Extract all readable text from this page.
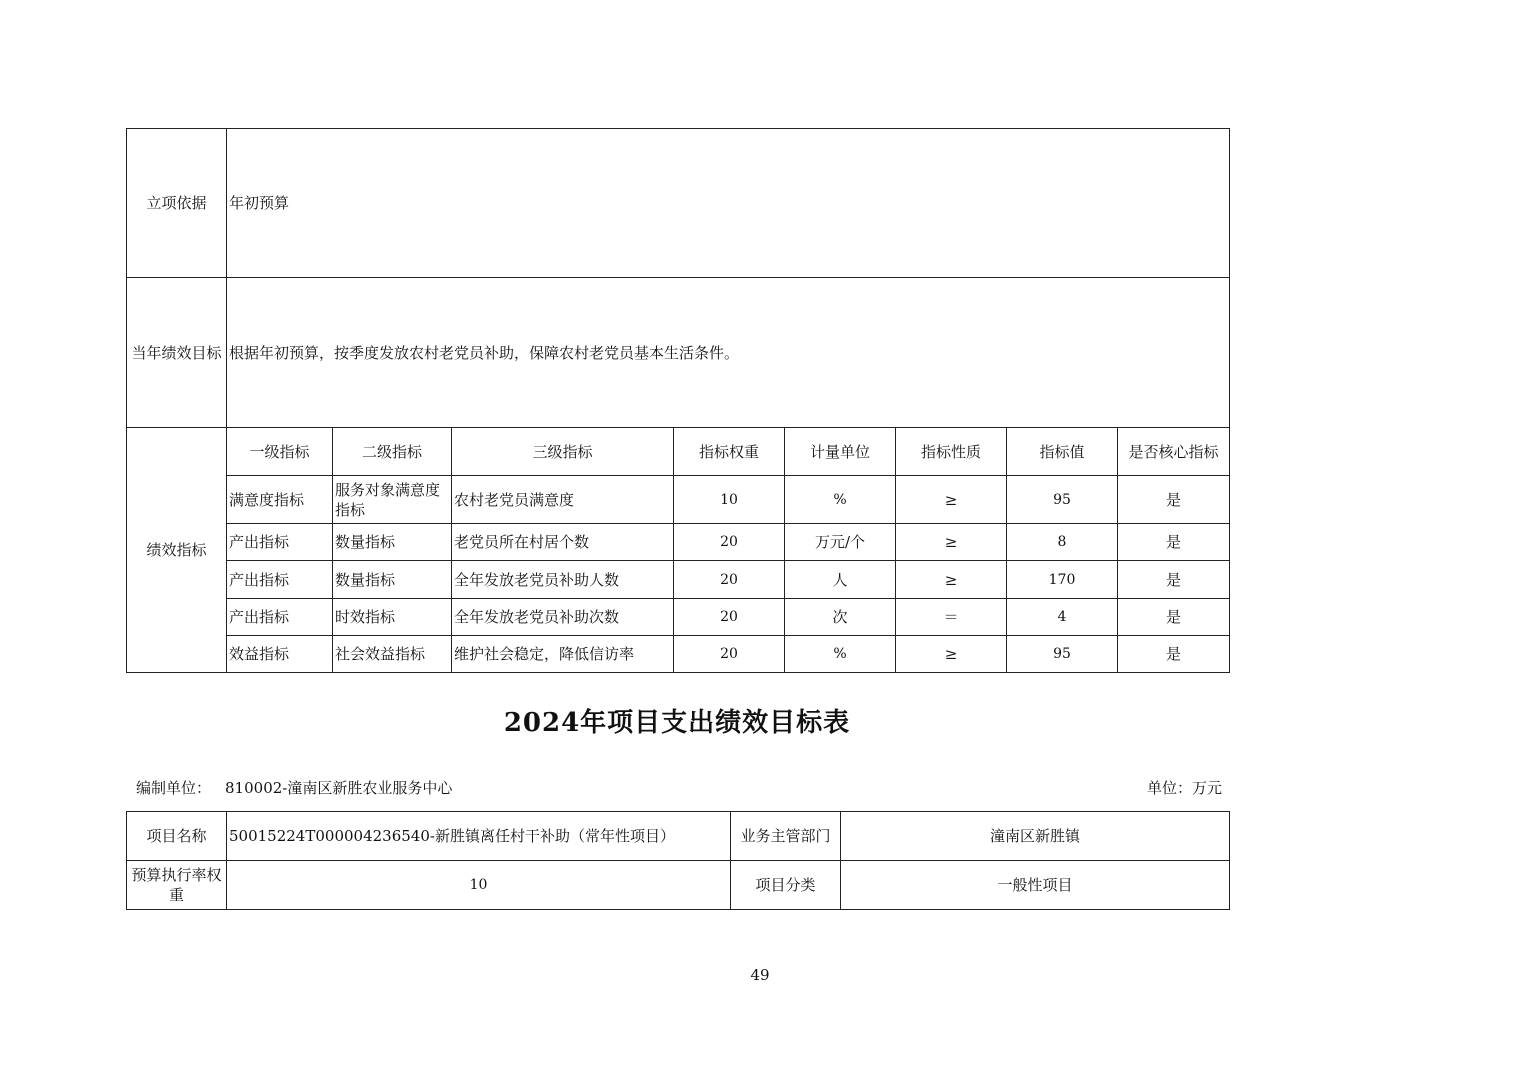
立项依据	年初预算							
当年绩效目标	根据年初预算，按季度发放农村老党员补助，保障农村老党员基本生活条件。							
绩效指标	一级指标	二级指标	三级指标	指标权重	计量单位	指标性质	指标值	是否核心指标
	满意度指标	服务对象满意度指标	农村老党员满意度	10	%	≥	95	是
	产出指标	数量指标	老党员所在村居个数	20	万元/个	≥	8	是
	产出指标	数量指标	全年发放老党员补助人数	20	人	≥	170	是
	产出指标	时效指标	全年发放老党员补助次数	20	次	＝	4	是
	效益指标	社会效益指标	维护社会稳定，降低信访率	20	%	≥	95	是
2024年项目支出绩效目标表
编制单位： 810002-潼南区新胜农业服务中心	单位：万元
项目名称	50015224T000004236540-新胜镇离任村干补助（常年性项目）	业务主管部门	潼南区新胜镇
预算执行率权重	10	项目分类	一般性项目
49
